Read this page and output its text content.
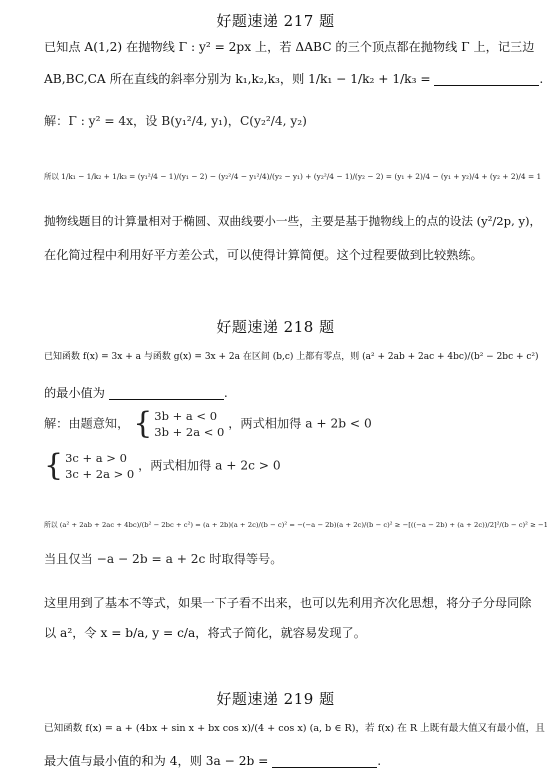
好题速递 217 题
已知点 A(1,2) 在抛物线 Γ : y² = 2px 上，若 ΔABC 的三个顶点都在抛物线 Γ 上，记三边
AB,BC,CA 所在直线的斜率分别为 k₁,k₂,k₃，则 1/k₁ − 1/k₂ + 1/k₃ =	.
解：Γ : y² = 4x，设 B(y₁²/4, y₁)，C(y₂²/4, y₂)
所以 1/k₁ − 1/k₂ + 1/k₃ = (y₁²/4 − 1)/(y₁ − 2) − (y₂²/4 − y₁²/4)/(y₂ − y₁) + (y₂²/4 − 1)/(y₂ − 2) = (y₁ + 2)/4 − (y₁ + y₂)/4 + (y₂ + 2)/4 = 1
抛物线题目的计算量相对于椭圆、双曲线要小一些，主要是基于抛物线上的点的设法 (y²/2p, y)，
在化简过程中利用好平方差公式，可以使得计算简便。这个过程要做到比较熟练。
好题速递 218 题
已知函数 f(x) = 3x + a 与函数 g(x) = 3x + 2a 在区间 (b,c) 上都有零点，则 (a² + 2ab + 2ac + 4bc)/(b² − 2bc + c²)
的最小值为	.
解：由题意知， { 3b + a < 0
3b + 2a < 0
，两式相加得 a + 2b < 0
{ 3c + a > 0
3c + 2a > 0
，两式相加得 a + 2c > 0
所以 (a² + 2ab + 2ac + 4bc)/(b² − 2bc + c²) = (a + 2b)(a + 2c)/(b − c)² = −(−a − 2b)(a + 2c)/(b − c)² ≥ −[((−a − 2b) + (a + 2c))/2]²/(b − c)² ≥ −1
当且仅当 −a − 2b = a + 2c 时取得等号。
这里用到了基本不等式，如果一下子看不出来，也可以先利用齐次化思想，将分子分母同除
以 a²，令 x = b/a, y = c/a，将式子简化，就容易发现了。
好题速递 219 题
已知函数 f(x) = a + (4bx + sin x + bx cos x)/(4 + cos x) (a, b ∈ R)，若 f(x) 在 R 上既有最大值又有最小值，且
最大值与最小值的和为 4，则 3a − 2b =	.
